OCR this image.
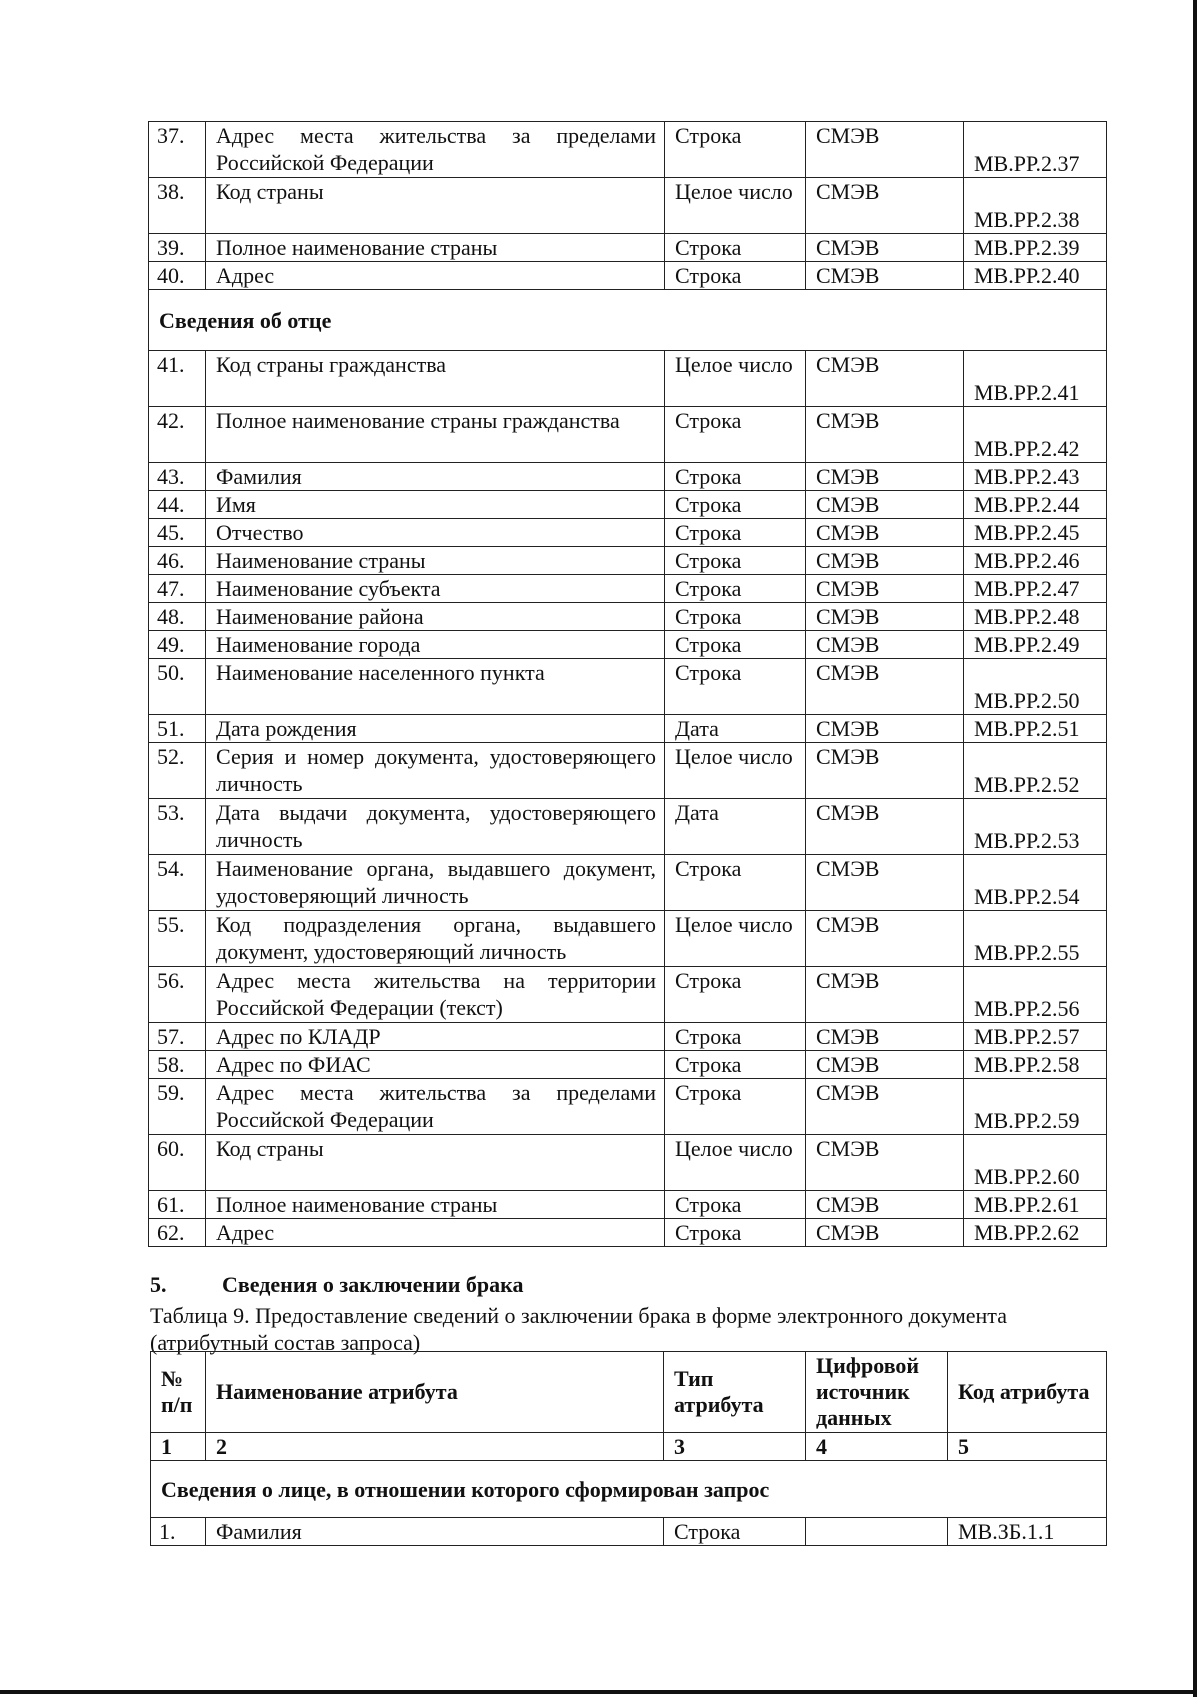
37.	Адрес места жительства за пределами Российской Федерации	Строка	СМЭВ	МВ.РР.2.37
38.	Код страны	Целое число	СМЭВ	МВ.РР.2.38
39.	Полное наименование страны	Строка	СМЭВ	МВ.РР.2.39
40.	Адрес	Строка	СМЭВ	МВ.РР.2.40
Сведения об отце				
41.	Код страны гражданства	Целое число	СМЭВ	МВ.РР.2.41
42.	Полное наименование страны гражданства	Строка	СМЭВ	МВ.РР.2.42
43.	Фамилия	Строка	СМЭВ	МВ.РР.2.43
44.	Имя	Строка	СМЭВ	МВ.РР.2.44
45.	Отчество	Строка	СМЭВ	МВ.РР.2.45
46.	Наименование страны	Строка	СМЭВ	МВ.РР.2.46
47.	Наименование субъекта	Строка	СМЭВ	МВ.РР.2.47
48.	Наименование района	Строка	СМЭВ	МВ.РР.2.48
49.	Наименование города	Строка	СМЭВ	МВ.РР.2.49
50.	Наименование населенного пункта	Строка	СМЭВ	МВ.РР.2.50
51.	Дата рождения	Дата	СМЭВ	МВ.РР.2.51
52.	Серия и номер документа, удостоверяющего личность	Целое число	СМЭВ	МВ.РР.2.52
53.	Дата выдачи документа, удостоверяющего личность	Дата	СМЭВ	МВ.РР.2.53
54.	Наименование органа, выдавшего документ, удостоверяющий личность	Строка	СМЭВ	МВ.РР.2.54
55.	Код подразделения органа, выдавшего документ, удостоверяющий личность	Целое число	СМЭВ	МВ.РР.2.55
56.	Адрес места жительства на территории Российской Федерации (текст)	Строка	СМЭВ	МВ.РР.2.56
57.	Адрес по КЛАДР	Строка	СМЭВ	МВ.РР.2.57
58.	Адрес по ФИАС	Строка	СМЭВ	МВ.РР.2.58
59.	Адрес места жительства за пределами Российской Федерации	Строка	СМЭВ	МВ.РР.2.59
60.	Код страны	Целое число	СМЭВ	МВ.РР.2.60
61.	Полное наименование страны	Строка	СМЭВ	МВ.РР.2.61
62.	Адрес	Строка	СМЭВ	МВ.РР.2.62
5.	Сведения о заключении брака
Таблица 9. Предоставление сведений о заключении брака в форме электронного документа (атрибутный состав запроса)
№ п/п	Наименование атрибута	Тип атрибута	Цифровой источник данных	Код атрибута
1	2	3	4	5
Сведения о лице, в отношении которого сформирован запрос				
1.	Фамилия	Строка		МВ.ЗБ.1.1
